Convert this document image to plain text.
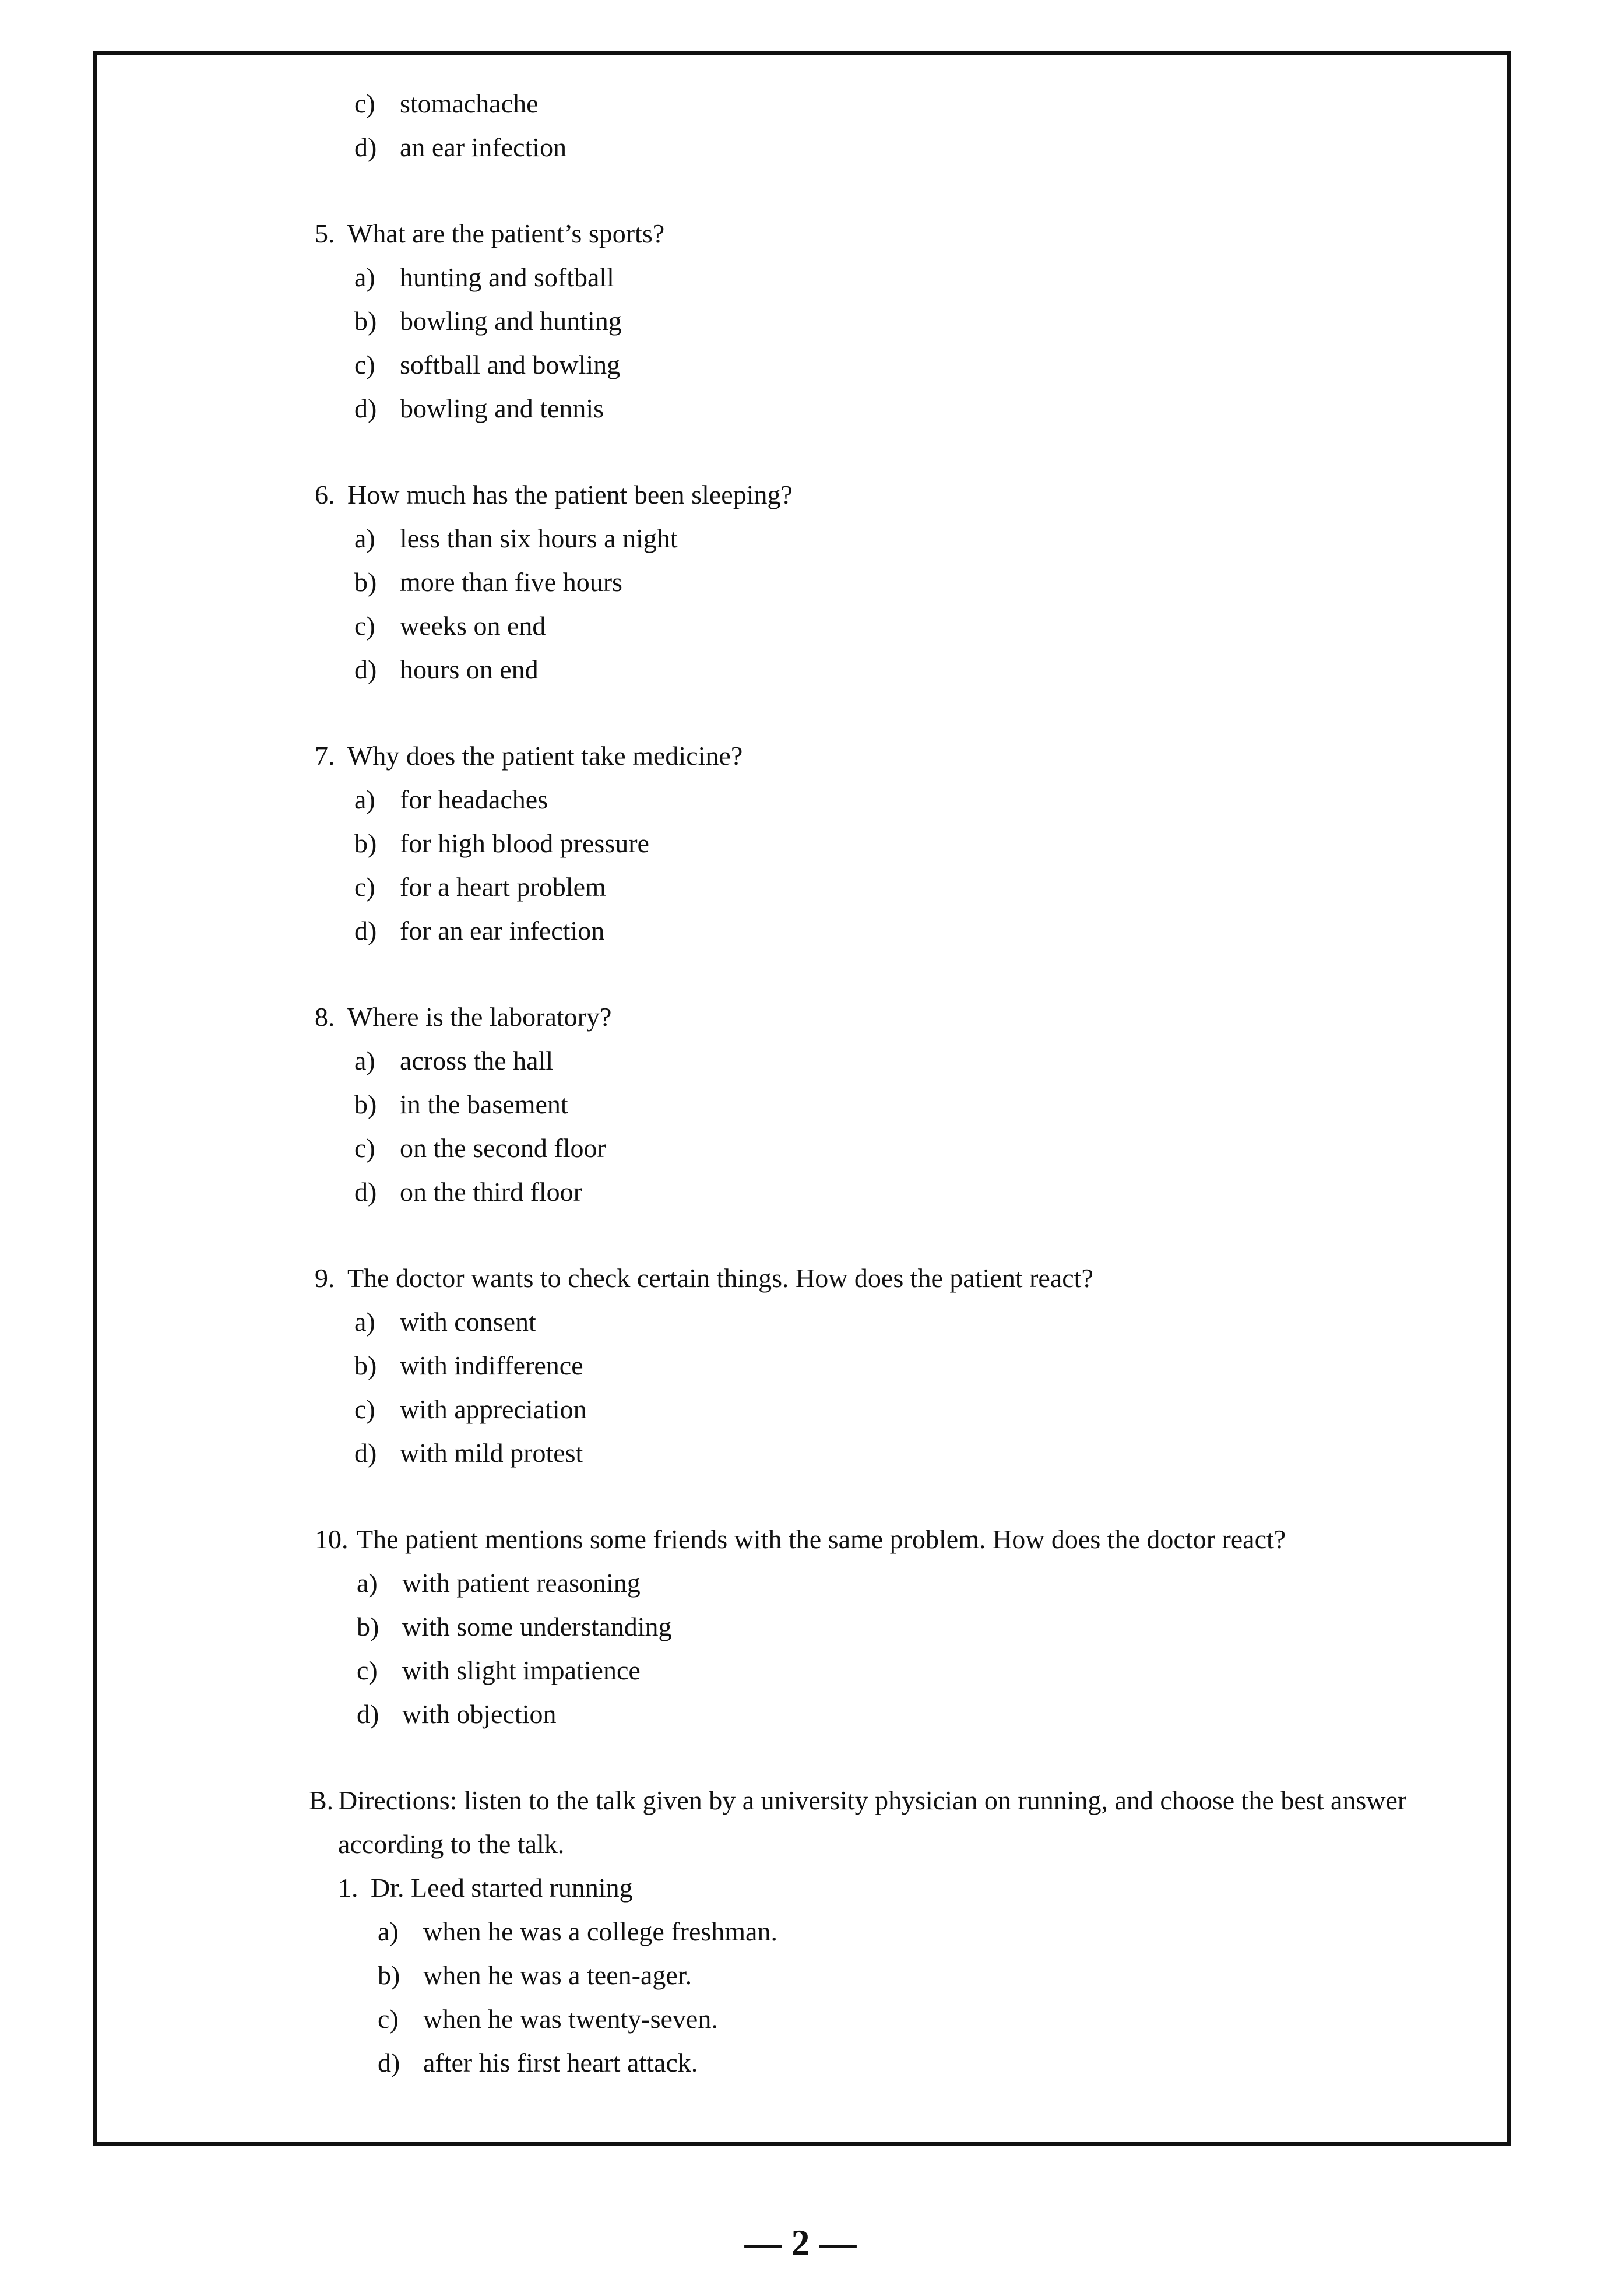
c) stomachache
d) an ear infection
5. What are the patient’s sports?
a) hunting and softball
b) bowling and hunting
c) softball and bowling
d) bowling and tennis
6. How much has the patient been sleeping?
a) less than six hours a night
b) more than five hours
c) weeks on end
d) hours on end
7. Why does the patient take medicine?
a) for headaches
b) for high blood pressure
c) for a heart problem
d) for an ear infection
8. Where is the laboratory?
a) across the hall
b) in the basement
c) on the second floor
d) on the third floor
9. The doctor wants to check certain things. How does the patient react?
a) with consent
b) with indifference
c) with appreciation
d) with mild protest
10. The patient mentions some friends with the same problem. How does the doctor react?
a) with patient reasoning
b) with some understanding
c) with slight impatience
d) with objection
B. Directions: listen to the talk given by a university physician on running, and choose the best answer according to the talk.
1. Dr. Leed started running
a) when he was a college freshman.
b) when he was a teen-ager.
c) when he was twenty-seven.
d) after his first heart attack.
— 2 —
